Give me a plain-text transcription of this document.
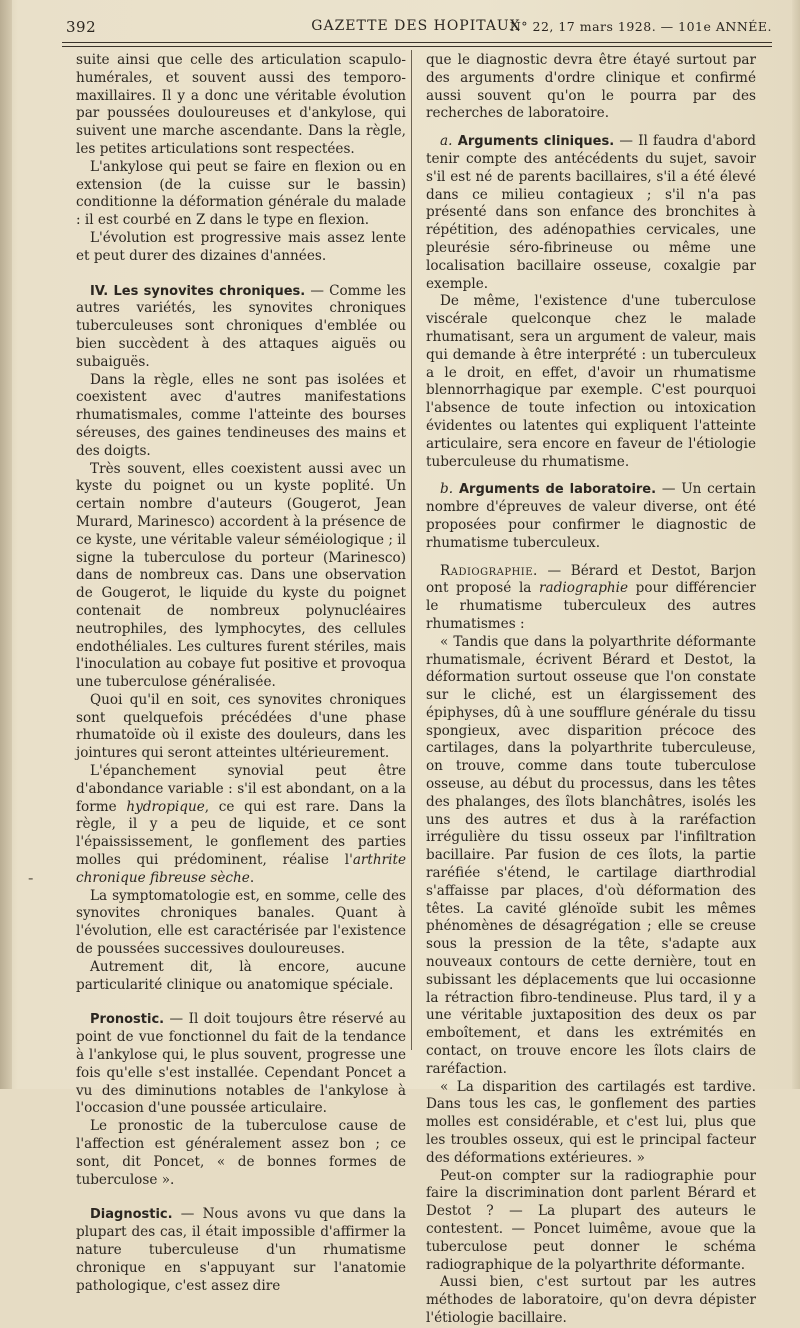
392	GAZETTE DES HOPITAUX
N° 22, 17 mars 1928. — 101e ANNÉE.
-

suite ainsi que celle des articulation scapulo-humérales, et souvent aussi des temporo-maxillaires. Il y a donc une véritable évolution par poussées douloureuses et d'ankylose, qui suivent une marche ascendante. Dans la règle, les petites articulations sont respectées.

L'ankylose qui peut se faire en flexion ou en extension (de la cuisse sur le bassin) conditionne la déformation générale du malade : il est courbé en Z dans le type en flexion.

L'évolution est progressive mais assez lente et peut durer des dizaines d'années.

IV. Les synovites chroniques. — Comme les autres variétés, les synovites chroniques tuberculeuses sont chroniques d'emblée ou bien succèdent à des attaques aiguës ou subaiguës.

Dans la règle, elles ne sont pas isolées et coexistent avec d'autres manifestations rhumatismales, comme l'atteinte des bourses séreuses, des gaines tendineuses des mains et des doigts.

Très souvent, elles coexistent aussi avec un kyste du poignet ou un kyste poplité. Un certain nombre d'auteurs (Gougerot, Jean Murard, Marinesco) accordent à la présence de ce kyste, une véritable valeur séméiologique ; il signe la tuberculose du porteur (Marinesco) dans de nombreux cas. Dans une observation de Gougerot, le liquide du kyste du poignet contenait de nombreux polynucléaires neutrophiles, des lymphocytes, des cellules endothéliales. Les cultures furent stériles, mais l'inoculation au cobaye fut positive et provoqua une tuberculose généralisée.

Quoi qu'il en soit, ces synovites chroniques sont quelquefois précédées d'une phase rhumatoïde où il existe des douleurs, dans les jointures qui seront atteintes ultérieurement.

L'épanchement synovial peut être d'abondance variable : s'il est abondant, on a la forme hydropique, ce qui est rare. Dans la règle, il y a peu de liquide, et ce sont l'épaississement, le gonflement des parties molles qui prédominent, réalise l'arthrite chronique fibreuse sèche.

La symptomatologie est, en somme, celle des synovites chroniques banales. Quant à l'évolution, elle est caractérisée par l'existence de poussées successives douloureuses.

Autrement dit, là encore, aucune particularité clinique ou anatomique spéciale.

Pronostic. — Il doit toujours être réservé au point de vue fonctionnel du fait de la tendance à l'ankylose qui, le plus souvent, progresse une fois qu'elle s'est installée. Cependant Poncet a vu des diminutions notables de l'ankylose à l'occasion d'une poussée articulaire.

Le pronostic de la tuberculose cause de l'affection est généralement assez bon ; ce sont, dit Poncet, « de bonnes formes de tuberculose ».

Diagnostic. — Nous avons vu que dans la plupart des cas, il était impossible d'affirmer la nature tuberculeuse d'un rhumatisme chronique en s'appuyant sur l'anatomie pathologique, c'est assez dire

que le diagnostic devra être étayé surtout par des arguments d'ordre clinique et confirmé aussi souvent qu'on le pourra par des recherches de laboratoire.

a. Arguments cliniques. — Il faudra d'abord tenir compte des antécédents du sujet, savoir s'il est né de parents bacillaires, s'il a été élevé dans ce milieu contagieux ; s'il n'a pas présenté dans son enfance des bronchites à répétition, des adénopathies cervicales, une pleurésie séro-fibrineuse ou même une localisation bacillaire osseuse, coxalgie par exemple.

De même, l'existence d'une tuberculose viscérale quelconque chez le malade rhumatisant, sera un argument de valeur, mais qui demande à être interprété : un tuberculeux a le droit, en effet, d'avoir un rhumatisme blennorrhagique par exemple. C'est pourquoi l'absence de toute infection ou intoxication évidentes ou latentes qui expliquent l'atteinte articulaire, sera encore en faveur de l'étiologie tuberculeuse du rhumatisme.

b. Arguments de laboratoire. — Un certain nombre d'épreuves de valeur diverse, ont été proposées pour confirmer le diagnostic de rhumatisme tuberculeux.

Radiographie. — Bérard et Destot, Barjon ont proposé la radiographie pour différencier le rhumatisme tuberculeux des autres rhumatismes :

« Tandis que dans la polyarthrite déformante rhumatismale, écrivent Bérard et Destot, la déformation surtout osseuse que l'on constate sur le cliché, est un élargissement des épiphyses, dû à une soufflure générale du tissu spongieux, avec disparition précoce des cartilages, dans la polyarthrite tuberculeuse, on trouve, comme dans toute tuberculose osseuse, au début du processus, dans les têtes des phalanges, des îlots blanchâtres, isolés les uns des autres et dus à la raréfaction irrégulière du tissu osseux par l'infiltration bacillaire. Par fusion de ces îlots, la partie raréfiée s'étend, le cartilage diarthrodial s'affaisse par places, d'où déformation des têtes. La cavité glénoïde subit les mêmes phénomènes de désagrégation ; elle se creuse sous la pression de la tête, s'adapte aux nouveaux contours de cette dernière, tout en subissant les déplacements que lui occasionne la rétraction fibro-tendineuse. Plus tard, il y a une véritable juxtaposition des deux os par emboîtement, et dans les extrémités en contact, on trouve encore les îlots clairs de raréfaction.

« La disparition des cartilagés est tardive. Dans tous les cas, le gonflement des parties molles est considérable, et c'est lui, plus que les troubles osseux, qui est le principal facteur des déformations extérieures. »

Peut-on compter sur la radiographie pour faire la discrimination dont parlent Bérard et Destot ? — La plupart des auteurs le contestent. — Poncet luimême, avoue que la tuberculose peut donner le schéma radiographique de la polyarthrite déformante.

Aussi bien, c'est surtout par les autres méthodes de laboratoire, qu'on devra dépister l'étiologie bacillaire.
